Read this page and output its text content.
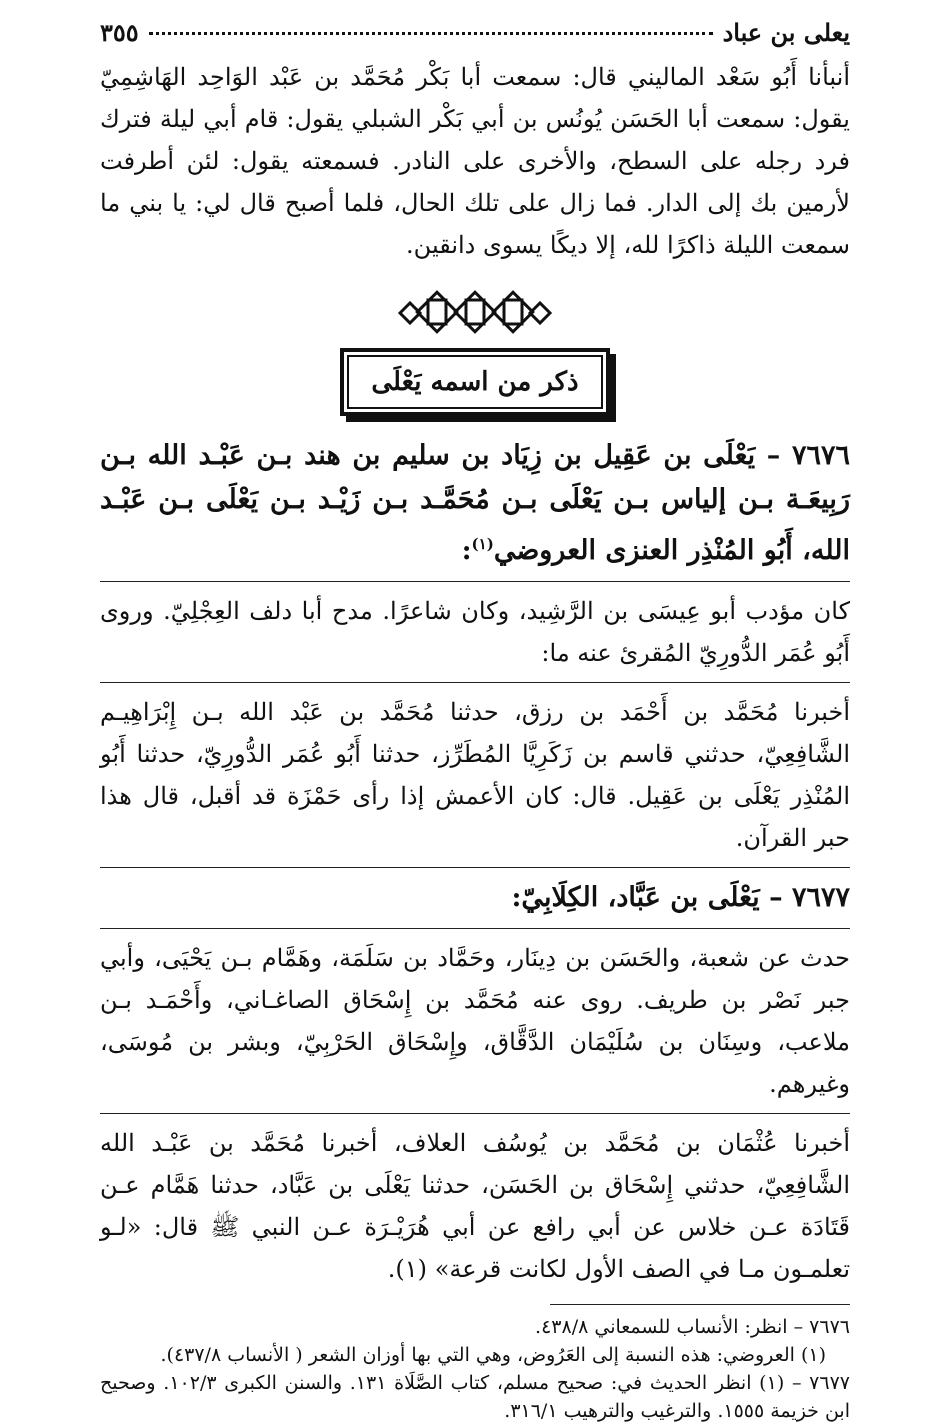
يعلى بن عباد
٣٥٥

أنبأنا أَبُو سَعْد الماليني قال: سمعت أبا بَكْر مُحَمَّد بن عَبْد الوَاحِد الهَاشِمِيّ يقول: سمعت أبا الحَسَن يُونُس بن أبي بَكْر الشبلي يقول: قام أبي ليلة فترك فرد رجله على السطح، والأخرى على النادر. فسمعته يقول: لئن أطرفت لأرمين بك إلى الدار. فما زال على تلك الحال، فلما أصبح قال لي: يا بني ما سمعت الليلة ذاكرًا لله، إلا ديكًا يسوى دانقين.

ذكر من اسمه يَعْلَى

٧٦٧٦ – يَعْلَى بن عَقِيل بن زِيَاد بن سليم بن هند بـن عَبْـد الله بـن رَبِيعَـة بـن إلياس بـن يَعْلَى بـن مُحَمَّـد بـن زَيْـد بـن يَعْلَى بـن عَبْـد الله، أَبُو المُنْذِر العنزى العروضي$^{(١)}$:

كان مؤدب أبو عِيسَى بن الرَّشِيد، وكان شاعرًا. مدح أبا دلف العِجْلِيّ. وروى أَبُو عُمَر الدُّورِيّ المُقرئ عنه ما:

أخبرنا مُحَمَّد بن أَحْمَد بن رزق، حدثنا مُحَمَّد بن عَبْد الله بـن إِبْرَاهِيـم الشَّافِعِيّ، حدثني قاسم بن زَكَرِيَّا المُطَرِّز، حدثنا أَبُو عُمَر الدُّورِيّ، حدثنا أَبُو المُنْذِر يَعْلَى بن عَقِيل. قال: كان الأعمش إذا رأى حَمْزَة قد أقبل، قال هذا حبر القرآن.

٧٦٧٧ – يَعْلَى بن عَبَّاد، الكِلَابِيّ:

حدث عن شعبة، والحَسَن بن دِينَار، وحَمَّاد بن سَلَمَة، وهَمَّام بـن يَحْيَى، وأبي جبر نَصْر بن طريف. روى عنه مُحَمَّد بن إِسْحَاق الصاغـاني، وأَحْمَـد بـن ملاعب، وسِنَان بن سُلَيْمَان الدَّقَّاق، وإِسْحَاق الحَرْبِيّ، وبشر بن مُوسَى، وغيرهم.

أخبرنا عُثْمَان بن مُحَمَّد بن يُوسُف العلاف، أخبرنا مُحَمَّد بن عَبْـد الله الشَّافِعِيّ، حدثني إِسْحَاق بن الحَسَن، حدثنا يَعْلَى بن عَبَّاد، حدثنا هَمَّام عـن قَتَادَة عـن خلاس عن أبي رافع عن أبي هُرَيْـرَة عـن النبي ﷺ قال: «لـو تعلمـون مـا في الصف الأول لكانت قرعة» (١).

٧٦٧٦ – انظر: الأنساب للسمعاني ٤٣٨/٨.

(١) العروضي: هذه النسبة إلى العَرُوض، وهي التي بها أوزان الشعر ( الأنساب ٤٣٧/٨).

٧٦٧٧ – (١) انظر الحديث في: صحيح مسلم، كتاب الصَّلَاة ١٣١. والسنن الكبرى ١٠٢/٣. وصحيح ابن خزيمة ١٥٥٥. والترغيب والترهيب ٣١٦/١.
